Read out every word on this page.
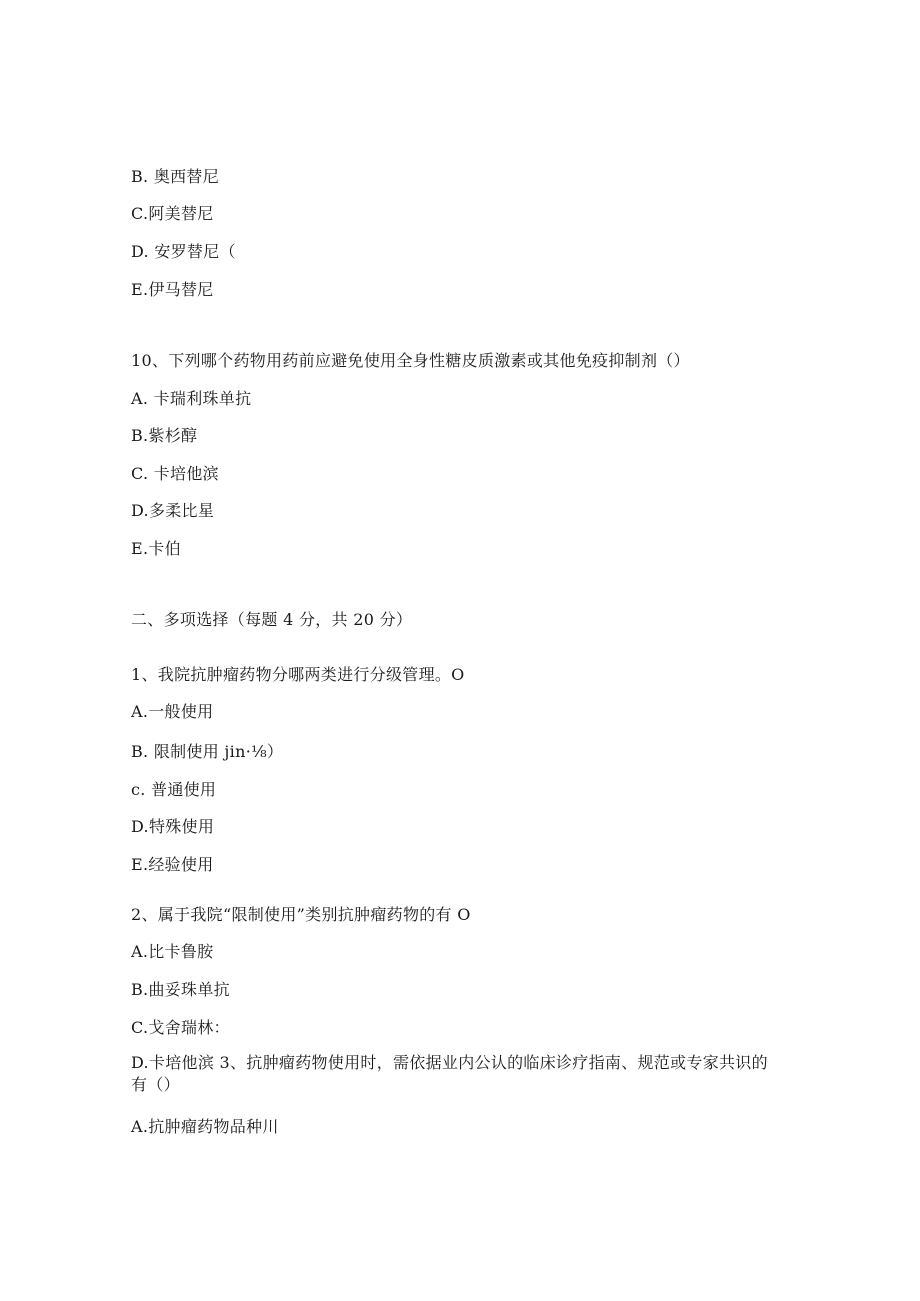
B. 奥西替尼
C.阿美替尼
D. 安罗替尼（
E.伊马替尼
10、下列哪个药物用药前应避免使用全身性糖皮质激素或其他免疫抑制剂（）
A. 卡瑞利珠单抗
B.紫杉醇
C. 卡培他滨
D.多柔比星
E.卡伯
二、多项选择（每题 4 分，共 20 分）
1、我院抗肿瘤药物分哪两类进行分级管理。O
A.一般使用
B. 限制使用 jin·⅛）
c. 普通使用
D.特殊使用
E.经验使用
2、属于我院“限制使用”类别抗肿瘤药物的有 O
A.比卡鲁胺
B.曲妥珠单抗
C.戈舍瑞林：
D.卡培他滨 3、抗肿瘤药物使用时，需依据业内公认的临床诊疗指南、规范或专家共识的有（）
A.抗肿瘤药物品种川
